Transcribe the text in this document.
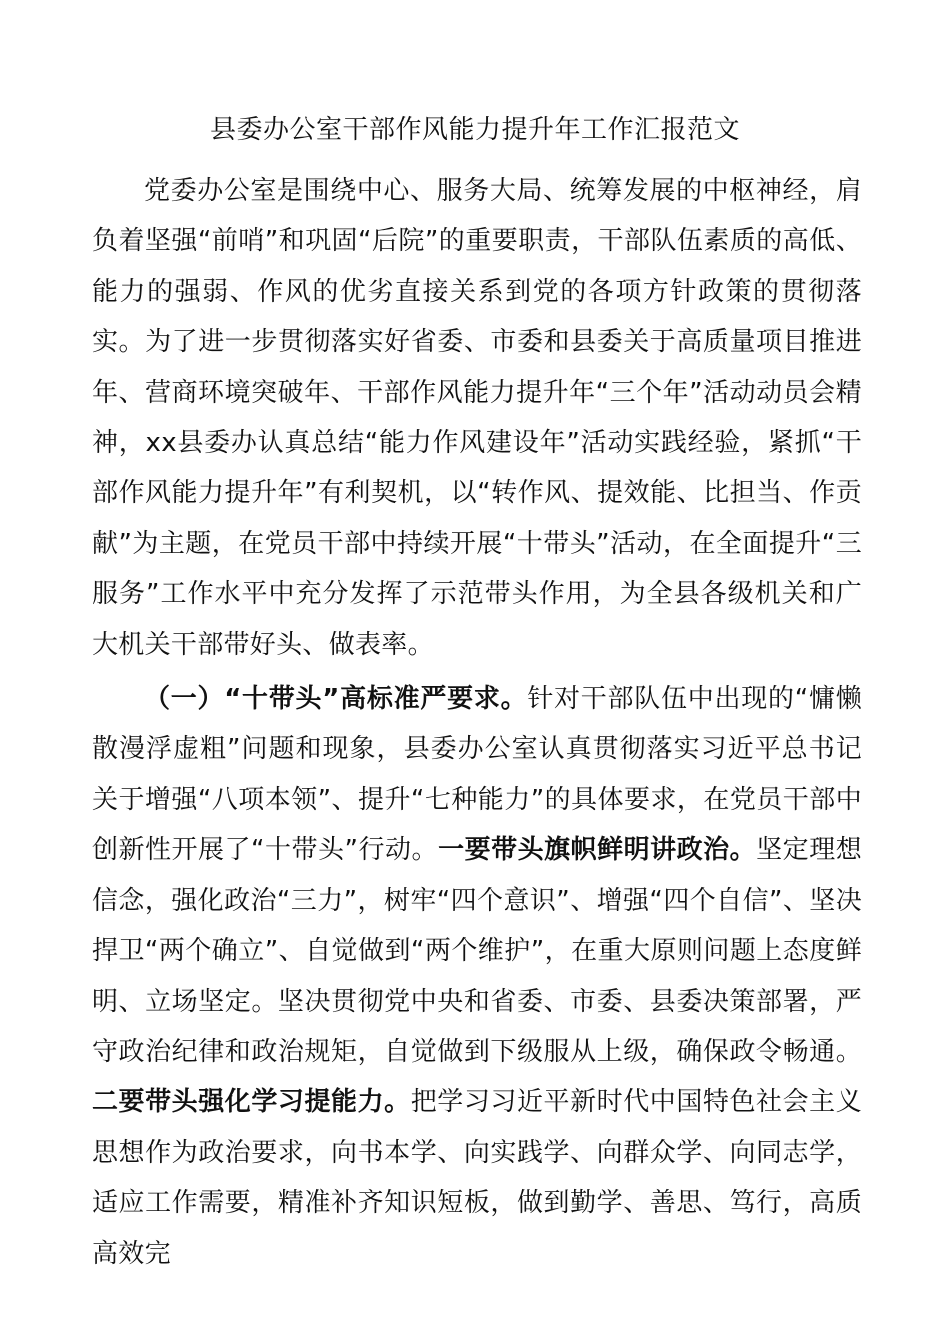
县委办公室干部作风能力提升年工作汇报范文

党委办公室是围绕中心、服务大局、统筹发展的中枢神经，肩负着坚强“前哨”和巩固“后院”的重要职责，干部队伍素质的高低、能力的强弱、作风的优劣直接关系到党的各项方针政策的贯彻落实。为了进一步贯彻落实好省委、市委和县委关于高质量项目推进年、营商环境突破年、干部作风能力提升年“三个年”活动动员会精神，xx县委办认真总结“能力作风建设年”活动实践经验，紧抓“干部作风能力提升年”有利契机，以“转作风、提效能、比担当、作贡献”为主题，在党员干部中持续开展“十带头”活动，在全面提升“三服务”工作水平中充分发挥了示范带头作用，为全县各级机关和广大机关干部带好头、做表率。

（一）“十带头”高标准严要求。针对干部队伍中出现的“慵懒散漫浮虚粗”问题和现象，县委办公室认真贯彻落实习近平总书记关于增强“八项本领”、提升“七种能力”的具体要求，在党员干部中创新性开展了“十带头”行动。一要带头旗帜鲜明讲政治。坚定理想信念，强化政治“三力”，树牢“四个意识”、增强“四个自信”、坚决捍卫“两个确立”、自觉做到“两个维护”，在重大原则问题上态度鲜明、立场坚定。坚决贯彻党中央和省委、市委、县委决策部署，严守政治纪律和政治规矩，自觉做到下级服从上级，确保政令畅通。二要带头强化学习提能力。把学习习近平新时代中国特色社会主义思想作为政治要求，向书本学、向实践学、向群众学、向同志学，适应工作需要，精准补齐知识短板，做到勤学、善思、笃行，高质高效完
